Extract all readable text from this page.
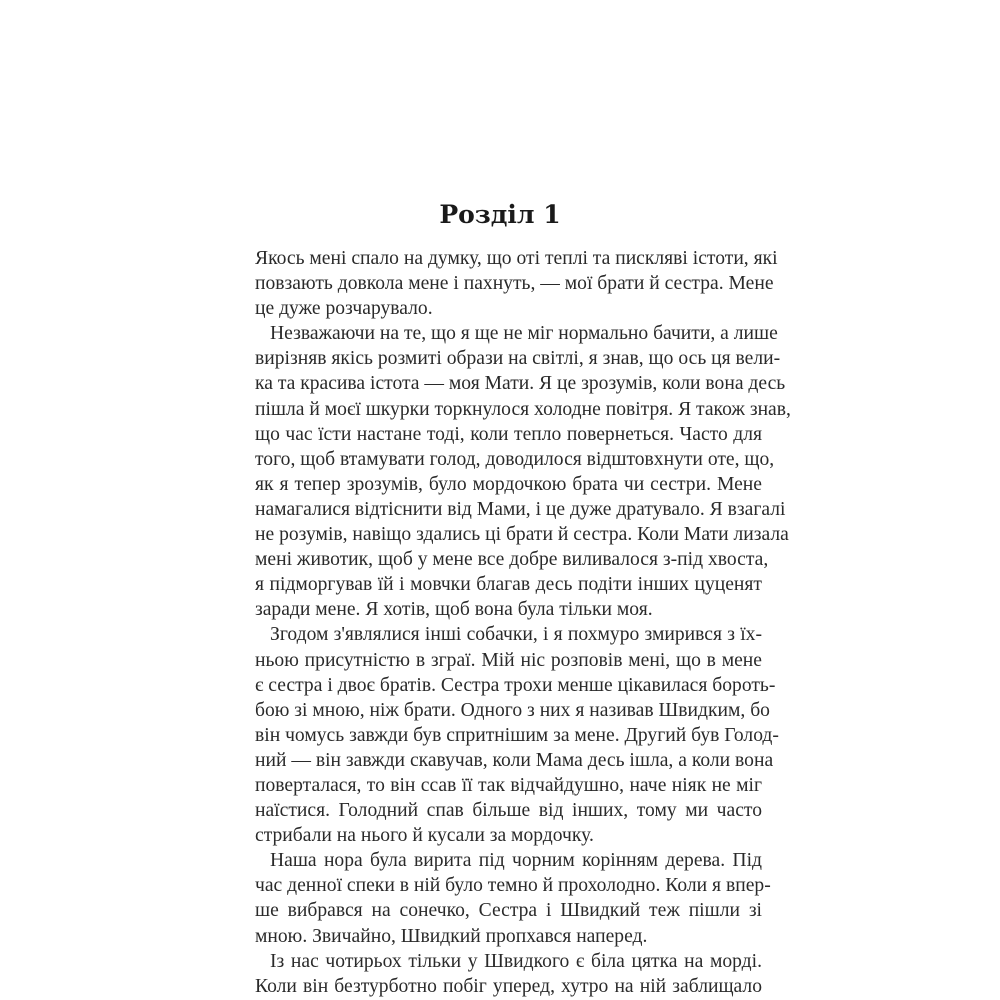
Розділ 1
Якось мені спало на думку, що оті теплі та пискляві істоти, які
повзають довкола мене і пахнуть, — мої брати й сестра. Мене
це дуже розчарувало.
Незважаючи на те, що я ще не міг нормально бачити, а лише
вирізняв якісь розмиті образи на світлі, я знав, що ось ця вели-
ка та красива істота — моя Мати. Я це зрозумів, коли вона десь
пішла й моєї шкурки торкнулося холодне повітря. Я також знав,
що час їсти настане тоді, коли тепло повернеться. Часто для
того, щоб втамувати голод, доводилося відштовхнути оте, що,
як я тепер зрозумів, було мордочкою брата чи сестри. Мене
намагалися відтіснити від Мами, і це дуже дратувало. Я взагалі
не розумів, навіщо здались ці брати й сестра. Коли Мати лизала
мені животик, щоб у мене все добре виливалося з-під хвоста,
я підморгував їй і мовчки благав десь подіти інших цуценят
заради мене. Я хотів, щоб вона була тільки моя.
Згодом з'являлися інші собачки, і я похмуро змирився з їх-
ньою присутністю в зграї. Мій ніс розповів мені, що в мене
є сестра і двоє братів. Сестра трохи менше цікавилася бороть-
бою зі мною, ніж брати. Одного з них я називав Швидким, бо
він чомусь завжди був спритнішим за мене. Другий був Голод-
ний — він завжди скавучав, коли Мама десь ішла, а коли вона
поверталася, то він ссав її так відчайдушно, наче ніяк не міг
наїстися. Голодний спав більше від інших, тому ми часто
стрибали на нього й кусали за мордочку.
Наша нора була вирита під чорним корінням дерева. Під
час денної спеки в ній було темно й прохолодно. Коли я впер-
ше вибрався на сонечко, Сестра і Швидкий теж пішли зі
мною. Звичайно, Швидкий пропхався наперед.
Із нас чотирьох тільки у Швидкого є біла цятка на морді.
Коли він безтурботно побіг уперед, хутро на ній заблищало
